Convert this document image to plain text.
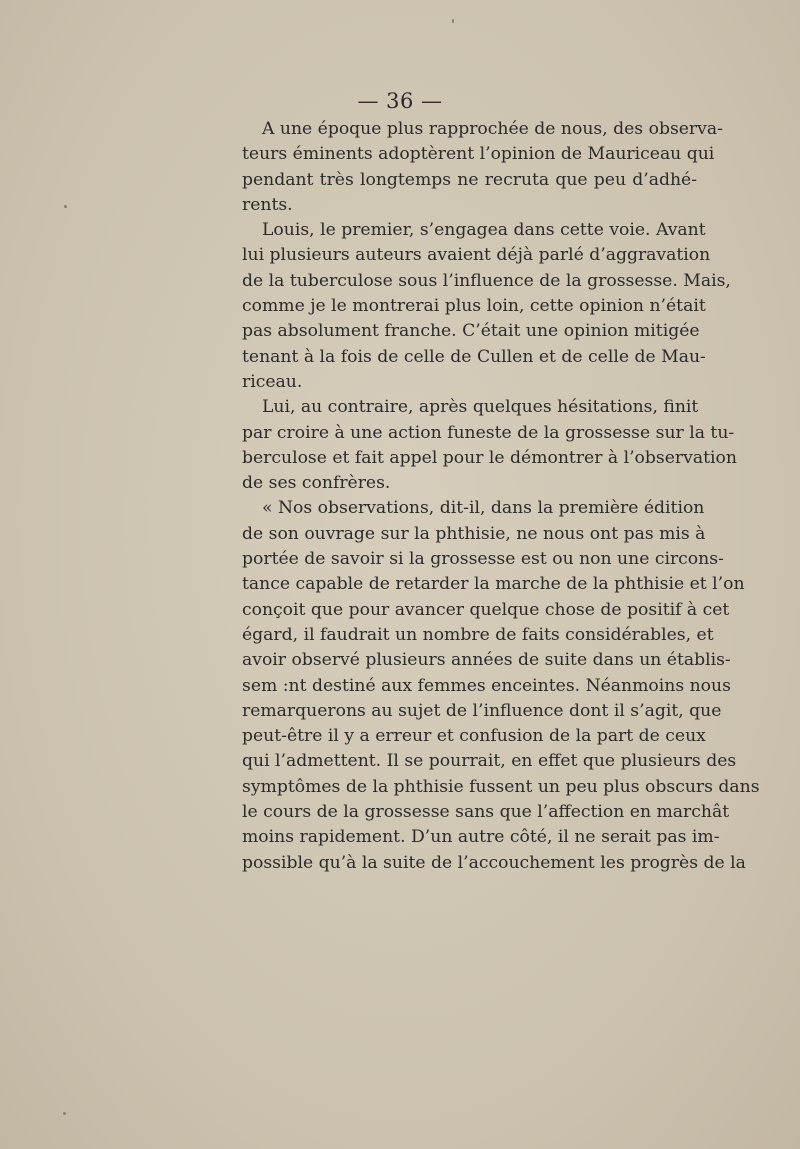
— 36 —
A une époque plus rapprochée de nous, des observa-
teurs éminents adoptèrent l’opinion de Mauriceau qui
pendant très longtemps ne recruta que peu d’adhé-
rents.
Louis, le premier, s’engagea dans cette voie. Avant
lui plusieurs auteurs avaient déjà parlé d’aggravation
de la tuberculose sous l’influence de la grossesse. Mais,
comme je le montrerai plus loin, cette opinion n’était
pas absolument franche. C’était une opinion mitigée
tenant à la fois de celle de Cullen et de celle de Mau-
riceau.
Lui, au contraire, après quelques hésitations, finit
par croire à une action funeste de la grossesse sur la tu-
berculose et fait appel pour le démontrer à l’observation
de ses confrères.
« Nos observations, dit-il, dans la première édition
de son ouvrage sur la phthisie, ne nous ont pas mis à
portée de savoir si la grossesse est ou non une circons-
tance capable de retarder la marche de la phthisie et l’on
conçoit que pour avancer quelque chose de positif à cet
égard, il faudrait un nombre de faits considérables, et
avoir observé plusieurs années de suite dans un établis-
sem :nt destiné aux femmes enceintes. Néanmoins nous
remarquerons au sujet de l’influence dont il s’agit, que
peut-être il y a erreur et confusion de la part de ceux
qui l’admettent. Il se pourrait, en effet que plusieurs des
symptômes de la phthisie fussent un peu plus obscurs dans
le cours de la grossesse sans que l’affection en marchât
moins rapidement. D’un autre côté, il ne serait pas im-
possible qu’à la suite de l’accouchement les progrès de la
